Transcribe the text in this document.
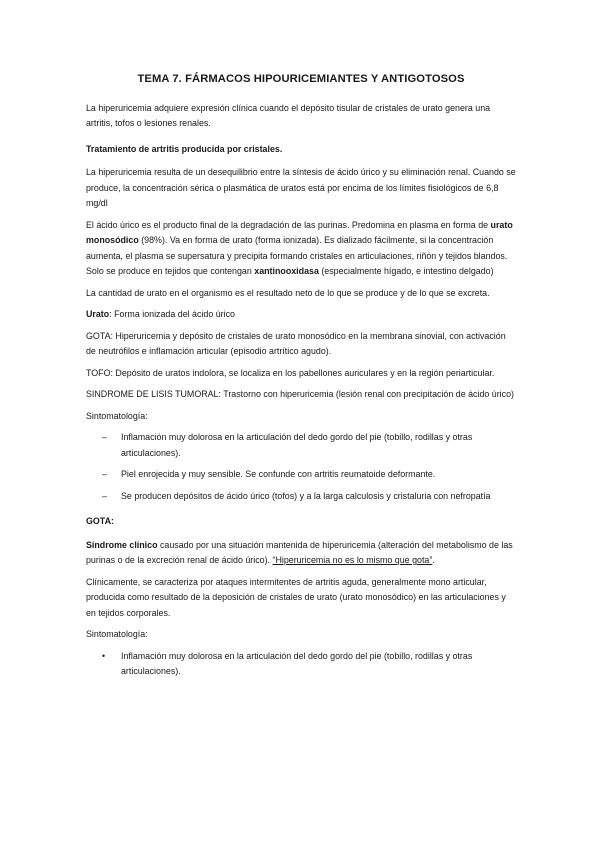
TEMA 7. FÁRMACOS HIPOURICEMIANTES Y ANTIGOTOSOS

La hiperuricemia adquiere expresión clínica cuando el depósito tisular de cristales de urato genera una artritis, tofos o lesiones renales.

Tratamiento de artritis producida por cristales.

La hiperuricemia resulta de un desequilibrio entre la síntesis de ácido úrico y su eliminación renal. Cuando se produce, la concentración sérica o plasmática de uratos está por encima de los límites fisiológicos de 6,8 mg/dl

El ácido úrico es el producto final de la degradación de las purinas. Predomina en plasma en forma de urato monosódico (98%). Va en forma de urato (forma ionizada). Es dializado fácilmente, si la concentración aumenta, el plasma se supersatura y precipita formando cristales en articulaciones, riñón y tejidos blandos. Solo se produce en tejidos que contengan xantinooxidasa (especialmente hígado, e intestino delgado)

La cantidad de urato en el organismo es el resultado neto de lo que se produce y de lo que se excreta.

Urato: Forma ionizada del ácido úrico

GOTA: Hiperuricemia y depósito de cristales de urato monosódico en la membrana sinovial, con activación de neutrófilos e inflamación articular (episodio artrítico agudo).

TOFO: Depósito de uratos indolora, se localiza en los pabellones auriculares y en la región periarticular.

SINDROME DE LISIS TUMORAL: Trastorno con hiperuricemia (lesión renal con precipitación de ácido úrico)

Sintomatología:

– Inflamación muy dolorosa en la articulación del dedo gordo del pie (tobillo, rodillas y otras articulaciones).
– Piel enrojecida y muy sensible. Se confunde con artritis reumatoide deformante.
– Se producen depósitos de ácido úrico (tofos) y a la larga calculosis y cristaluria con nefropatía

GOTA:

Síndrome clínico causado por una situación mantenida de hiperuricemia (alteración del metabolismo de las purinas o de la excreción renal de ácido úrico). “Hiperuricemia no es lo mismo que gota”.

Clínicamente, se caracteriza por ataques intermitentes de artritis aguda, generalmente mono articular, producida como resultado de la deposición de cristales de urato (urato monosódico) en las articulaciones y en tejidos corporales.

Sintomatología:

• Inflamación muy dolorosa en la articulación del dedo gordo del pie (tobillo, rodillas y otras articulaciones).
